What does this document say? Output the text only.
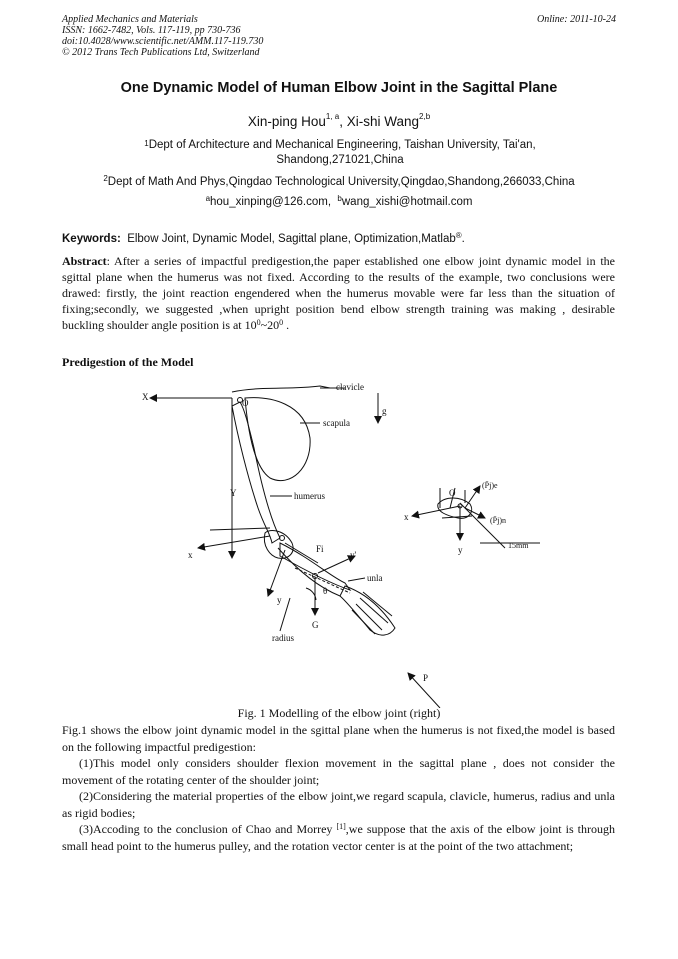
Applied Mechanics and Materials
ISSN: 1662-7482, Vols. 117-119, pp 730-736
doi:10.4028/www.scientific.net/AMM.117-119.730
© 2012 Trans Tech Publications Ltd, Switzerland
Online: 2011-10-24
One Dynamic Model of Human Elbow Joint in the Sagittal Plane
Xin-ping Hou$^{1, a}$, Xi-shi Wang$^{2,b}$
$^1$Dept of Architecture and Mechanical Engineering, Taishan University, Tai'an, Shandong,271021,China
$^2$Dept of Math And Phys,Qingdao Technological University,Qingdao,Shandong,266033,China
$^a$hou_xinping@126.com, $^b$wang_xishi@hotmail.com
Keywords: Elbow Joint, Dynamic Model, Sagittal plane, Optimization,Matlab®.
Abstract: After a series of impactful predigestion,the paper established one elbow joint dynamic model in the sgittal plane when the humerus was not fixed. According to the results of the example, two conclusions were drawed: firstly, the joint reaction engendered when the humerus movable were far less than the situation of fixing;secondly, we suggested ,when upright position bend elbow strength training was making , desirable buckling shoulder angle position is at $10^0\sim 20^0$ .
Predigestion of the Model
X
clavicle
g
scapula
O
Y	humerus
x
y
Fi
y'
θ
unla
G
radius
P
x
y
O
(P̄j)e
(P̄j)n
15mm
Fig. 1 Modelling of the elbow joint (right)

Fig.1 shows the elbow joint dynamic model in the sgittal plane when the humerus is not fixed,the model is based on the following impactful predigestion:

(1)This model only considers shoulder flexion movement in the sagittal plane , does not consider the movement of the rotating center of the shoulder joint;

(2)Considering the material properties of the elbow joint,we regard scapula, clavicle, humerus, radius and unla as rigid bodies;

(3)Accoding to the conclusion of Chao and Morrey [1],we suppose that the axis of the elbow joint is through small head point to the humerus pulley, and the rotation vector center is at the point of the two attachment;
